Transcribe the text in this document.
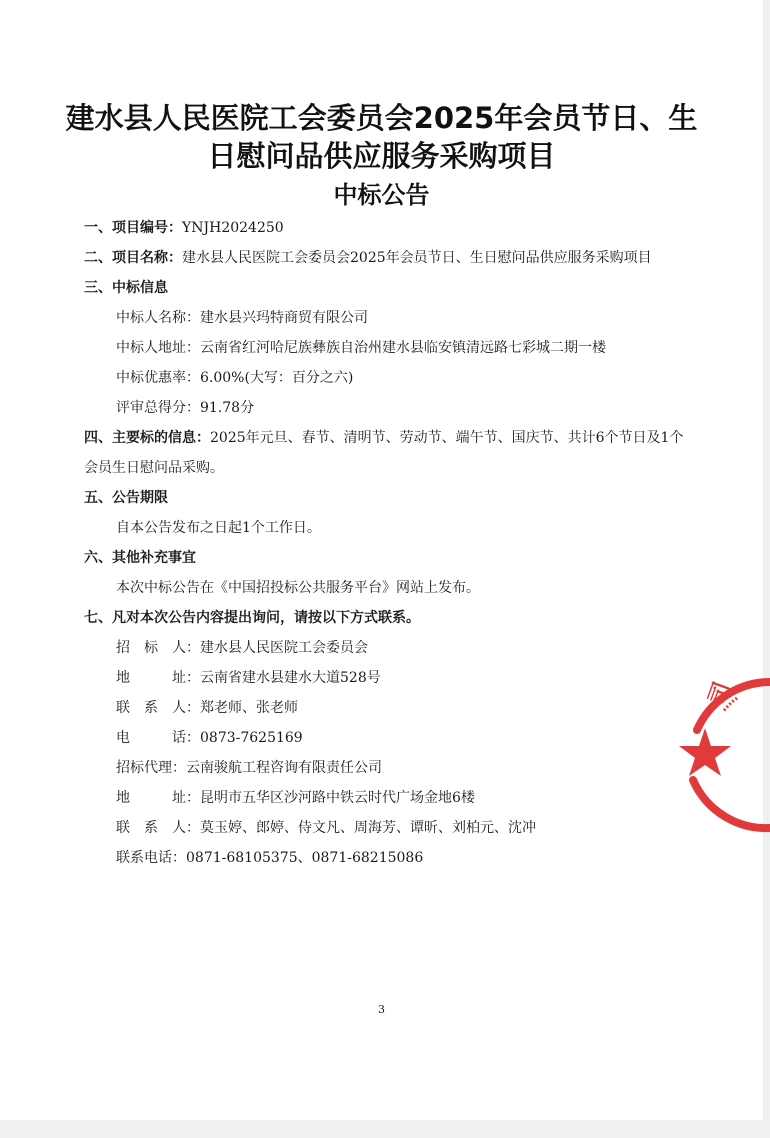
建水县人民医院工会委员会2025年会员节日、生
日慰问品供应服务采购项目
中标公告
一、项目编号：YNJH2024250
二、项目名称：建水县人民医院工会委员会2025年会员节日、生日慰问品供应服务采购项目
三、中标信息
中标人名称：建水县兴玛特商贸有限公司
中标人地址：云南省红河哈尼族彝族自治州建水县临安镇清远路七彩城二期一楼
中标优惠率：6.00%(大写：百分之六)
评审总得分：91.78分
四、主要标的信息：2025年元旦、春节、清明节、劳动节、端午节、国庆节、共计6个节日及1个
会员生日慰问品采购。
五、公告期限
自本公告发布之日起1个工作日。
六、其他补充事宜
本次中标公告在《中国招投标公共服务平台》网站上发布。
七、凡对本次公告内容提出询问，请按以下方式联系。
招　标　人：建水县人民医院工会委员会
地　　　址：云南省建水县建水大道528号
联　系　人：郑老师、张老师
电　　　话：0873-7625169
招标代理：云南骏航工程咨询有限责任公司
地　　　址：昆明市五华区沙河路中铁云时代广场金地6楼
联　系　人：莫玉婷、郎婷、侍文凡、周海芳、谭昕、刘柏元、沈冲
联系电话：0871-68105375、0871-68215086
3
司
